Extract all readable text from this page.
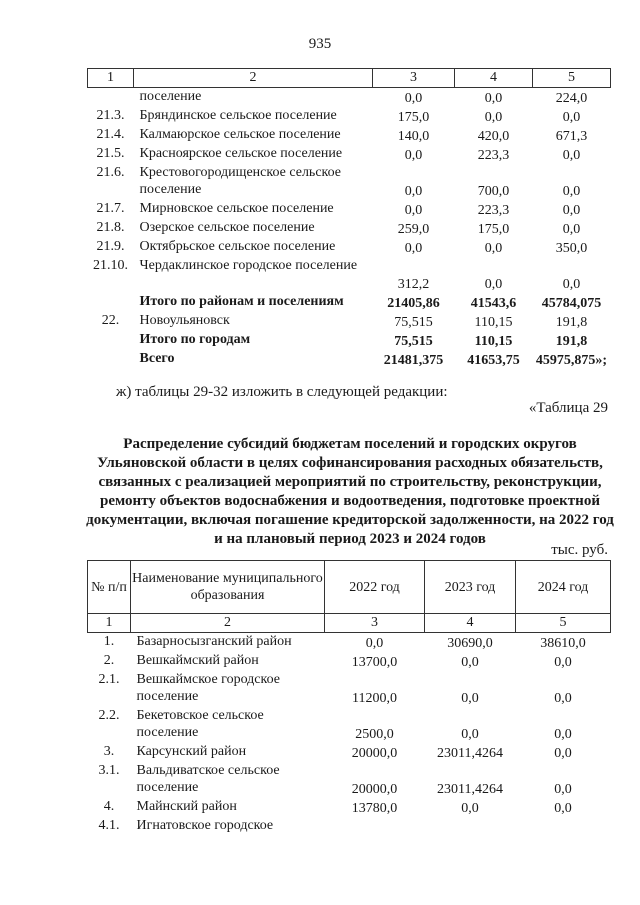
935
1	2	3	4	5
	поселение	0,0	0,0	224,0
21.3.	Бряндинское сельское поселение	175,0	0,0	0,0
21.4.	Калмаюрское сельское поселение	140,0	420,0	671,3
21.5.	Красноярское сельское поселение	0,0	223,3	0,0
21.6.	Крестовогородищенское сельское поселение	0,0	700,0	0,0
21.7.	Мирновское сельское поселение	0,0	223,3	0,0
21.8.	Озерское сельское поселение	259,0	175,0	0,0
21.9.	Октябрьское сельское поселение	0,0	0,0	350,0
21.10.	Чердаклинское городское поселение	312,2	0,0	0,0
	Итого по районам и поселениям	21405,86	41543,6	45784,075
22.	Новоульяновск	75,515	110,15	191,8
	Итого по городам	75,515	110,15	191,8
	Всего	21481,375	41653,75	45975,875»;
ж) таблицы 29-32 изложить в следующей редакции:
«Таблица 29
Распределение субсидий бюджетам поселений и городских округов Ульяновской области в целях софинансирования расходных обязательств, связанных с реализацией мероприятий по строительству, реконструкции, ремонту объектов водоснабжения и водоотведения, подготовке проектной документации, включая погашение кредиторской задолженности, на 2022 год и на плановый период 2023 и 2024 годов
тыс. руб.
№ п/п	Наименование муниципального образования	2022 год	2023 год	2024 год
1	2	3	4	5
1.	Базарносызганский район	0,0	30690,0	38610,0
2.	Вешкаймский район	13700,0	0,0	0,0
2.1.	Вешкаймское городское поселение	11200,0	0,0	0,0
2.2.	Бекетовское сельское поселение	2500,0	0,0	0,0
3.	Карсунский район	20000,0	23011,4264	0,0
3.1.	Вальдиватское сельское поселение	20000,0	23011,4264	0,0
4.	Майнский район	13780,0	0,0	0,0
4.1.	Игнатовское городское			
